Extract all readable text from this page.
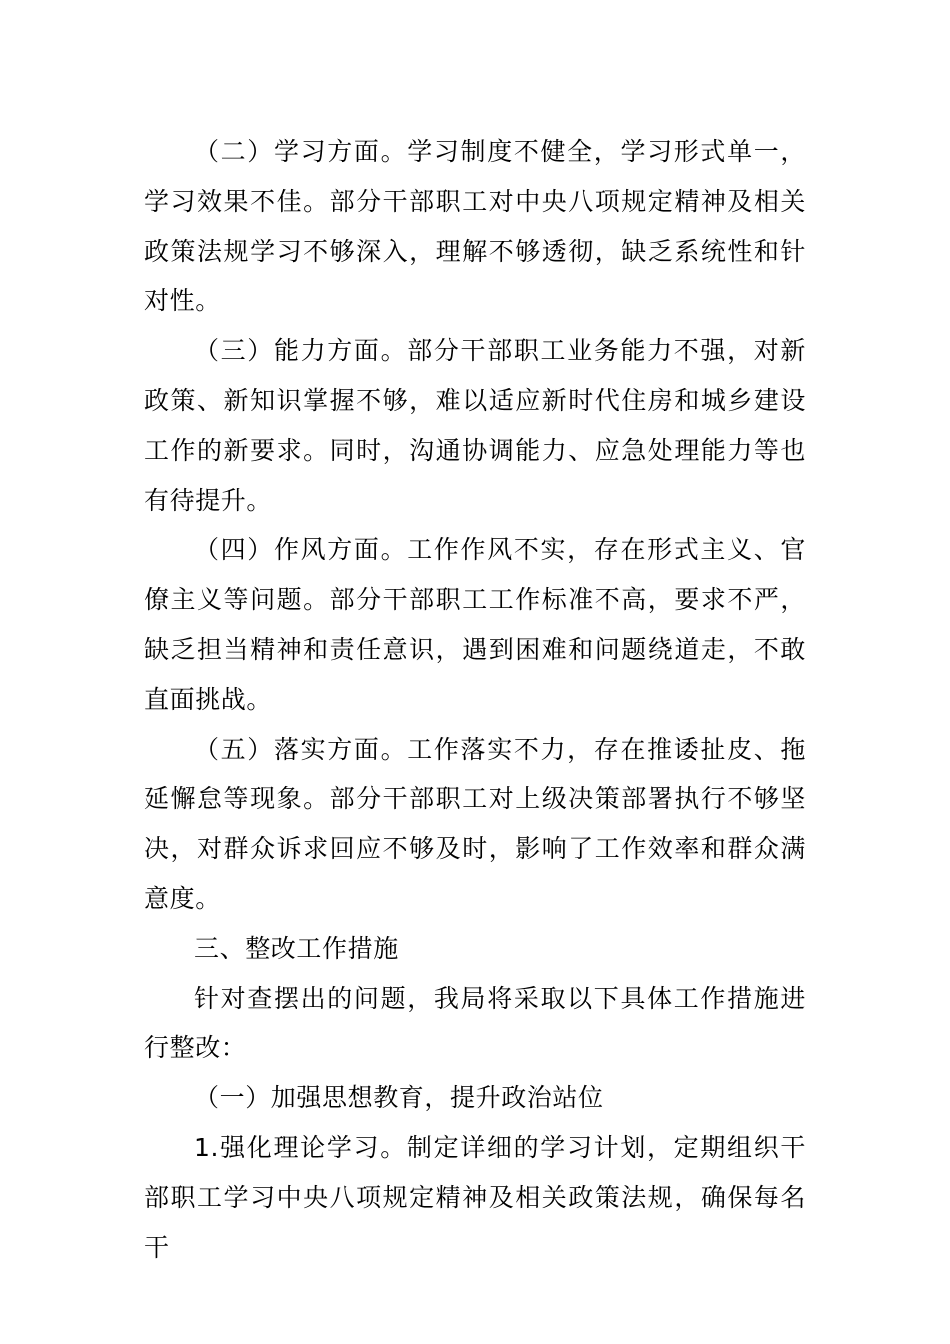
（二）学习方面。学习制度不健全，学习形式单一，学习效果不佳。部分干部职工对中央八项规定精神及相关政策法规学习不够深入，理解不够透彻，缺乏系统性和针对性。

（三）能力方面。部分干部职工业务能力不强，对新政策、新知识掌握不够，难以适应新时代住房和城乡建设工作的新要求。同时，沟通协调能力、应急处理能力等也有待提升。

（四）作风方面。工作作风不实，存在形式主义、官僚主义等问题。部分干部职工工作标准不高，要求不严，缺乏担当精神和责任意识，遇到困难和问题绕道走，不敢直面挑战。

（五）落实方面。工作落实不力，存在推诿扯皮、拖延懈怠等现象。部分干部职工对上级决策部署执行不够坚决，对群众诉求回应不够及时，影响了工作效率和群众满意度。

三、整改工作措施

针对查摆出的问题，我局将采取以下具体工作措施进行整改：

（一）加强思想教育，提升政治站位

1.强化理论学习。制定详细的学习计划，定期组织干部职工学习中央八项规定精神及相关政策法规，确保每名干
